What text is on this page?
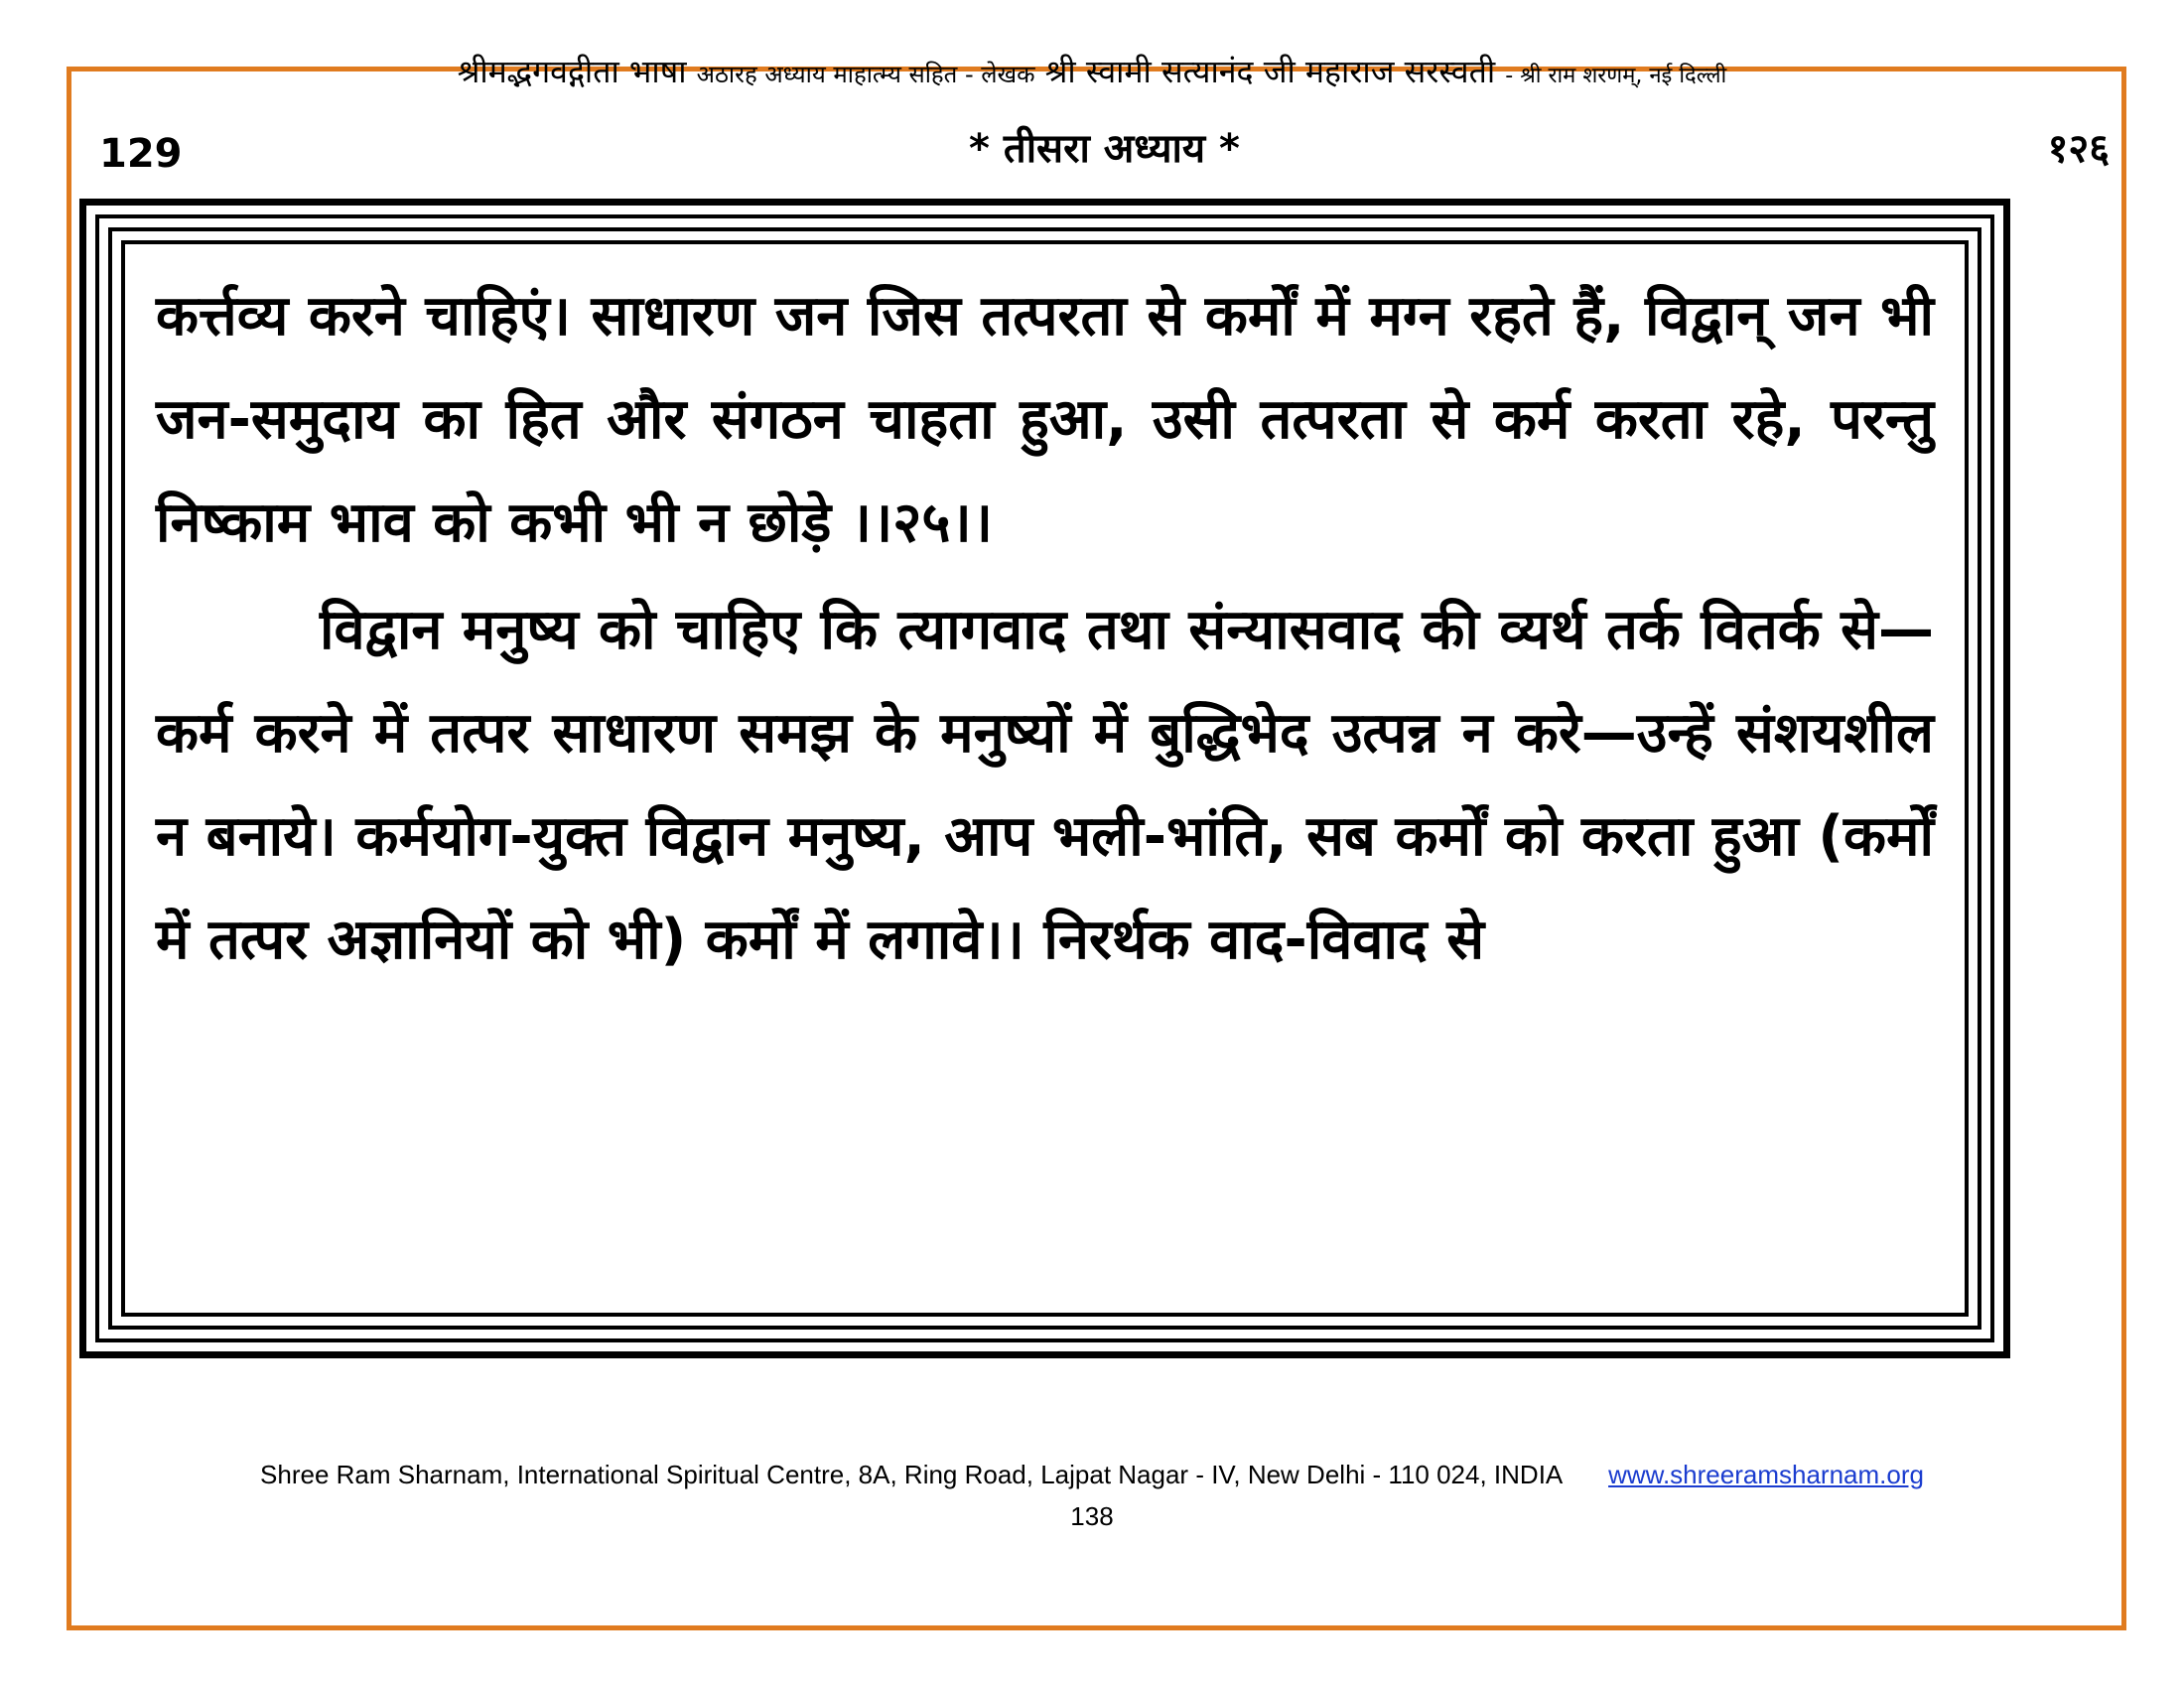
श्रीमद्भगवद्गीता भाषा अठारह अध्याय माहात्म्य सहित - लेखक श्री स्वामी सत्यानंद जी महाराज सरस्वती - श्री राम शरणम्, नई दिल्ली
129	* तीसरा अध्याय *	१२६

कर्त्तव्य करने चाहिएं। साधारण जन जिस तत्परता से कर्मों में मग्न रहते हैं, विद्वान् जन भी जन-समुदाय का हित और संगठन चाहता हुआ, उसी तत्परता से कर्म करता रहे, परन्तु निष्काम भाव को कभी भी न छोड़े ।।२५।।

विद्वान मनुष्य को चाहिए कि त्यागवाद तथा संन्यासवाद की व्यर्थ तर्क वितर्क से—कर्म करने में तत्पर साधारण समझ के मनुष्यों में बुद्धिभेद उत्पन्न न करे—उन्हें संशयशील न बनाये। कर्मयोग-युक्त विद्वान मनुष्य, आप भली-भांति, सब कर्मों को करता हुआ (कर्मों में तत्पर अज्ञानियों को भी) कर्मों में लगावे।। निरर्थक वाद-विवाद से

Shree Ram Sharnam, International Spiritual Centre, 8A, Ring Road, Lajpat Nagar - IV, New Delhi - 110 024, INDIA www.shreeramsharnam.org
138
